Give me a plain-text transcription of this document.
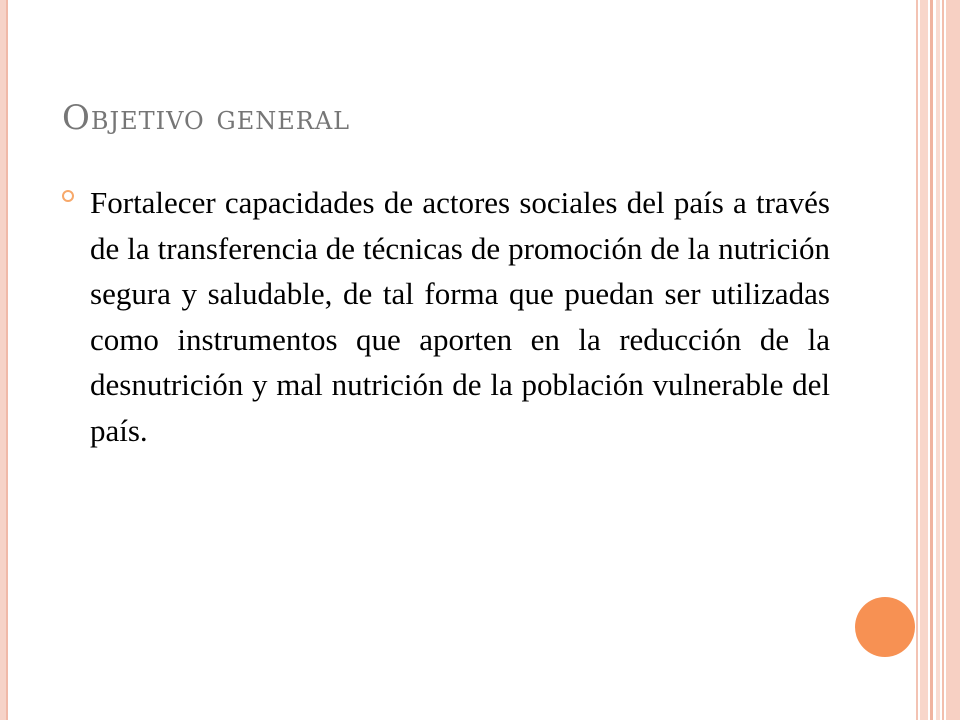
Objetivo general
Fortalecer capacidades de actores sociales del país a través de la transferencia de técnicas de promoción de la nutrición segura y saludable, de tal forma que puedan ser utilizadas como instrumentos que aporten en la reducción de la desnutrición y mal nutrición de la población vulnerable del país.
